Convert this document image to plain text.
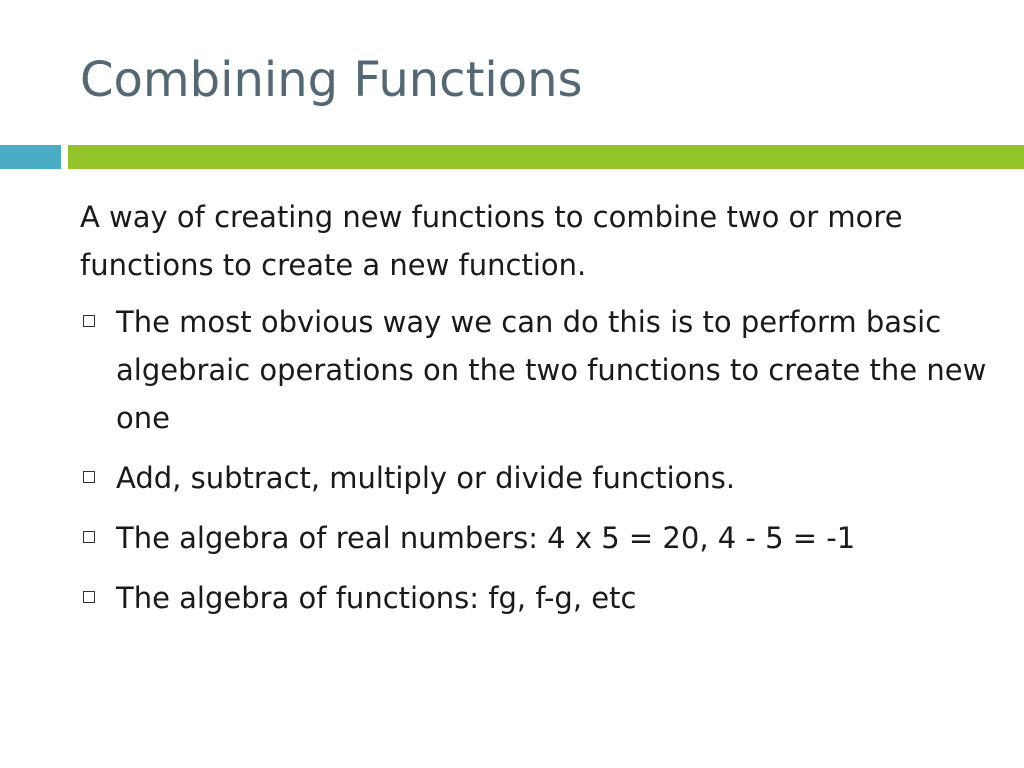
Combining Functions

A way of creating new functions to combine two or more functions to create a new function.

The most obvious way we can do this is to perform basic algebraic operations on the two functions to create the new one
Add, subtract, multiply or divide functions.
The algebra of real numbers: 4 x 5 = 20, 4 - 5 = -1
The algebra of functions: fg, f-g, etc
